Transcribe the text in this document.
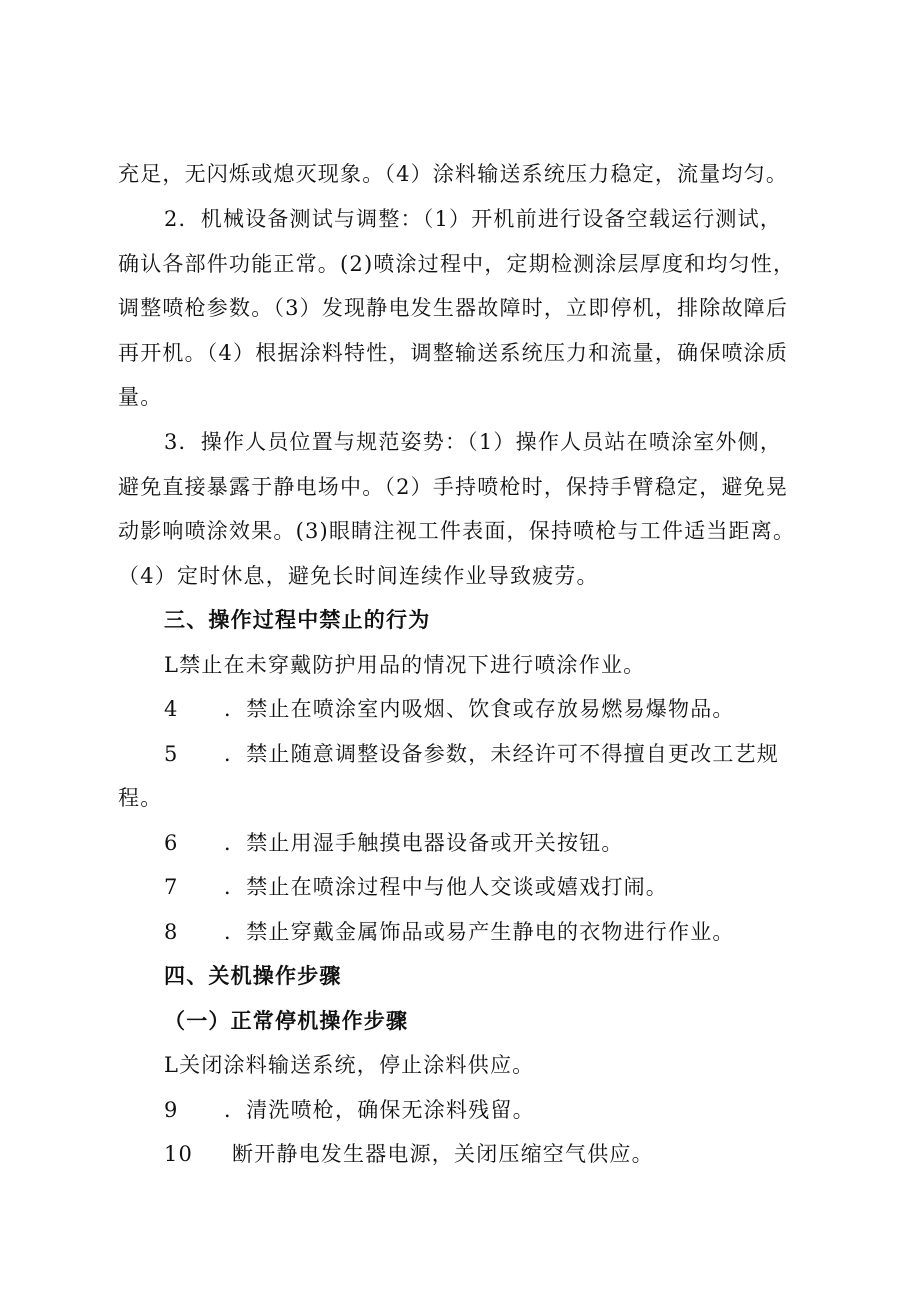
充足，无闪烁或熄灭现象。（4）涂料输送系统压力稳定，流量均匀。
2．机械设备测试与调整：（1）开机前进行设备空载运行测试，
确认各部件功能正常。(2)喷涂过程中，定期检测涂层厚度和均匀性，
调整喷枪参数。（3）发现静电发生器故障时，立即停机，排除故障后
再开机。（4）根据涂料特性，调整输送系统压力和流量，确保喷涂质
量。
3．操作人员位置与规范姿势：（1）操作人员站在喷涂室外侧，
避免直接暴露于静电场中。（2）手持喷枪时，保持手臂稳定，避免晃
动影响喷涂效果。(3)眼睛注视工件表面，保持喷枪与工件适当距离。
（4）定时休息，避免长时间连续作业导致疲劳。
三、操作过程中禁止的行为
L禁止在未穿戴防护用品的情况下进行喷涂作业。
4 ．禁止在喷涂室内吸烟、饮食或存放易燃易爆物品。
5 ．禁止随意调整设备参数，未经许可不得擅自更改工艺规
程。
6 ．禁止用湿手触摸电器设备或开关按钮。
7 ．禁止在喷涂过程中与他人交谈或嬉戏打闹。
8 ．禁止穿戴金属饰品或易产生静电的衣物进行作业。
四、关机操作步骤
（一）正常停机操作步骤
L关闭涂料输送系统，停止涂料供应。
9 ．清洗喷枪，确保无涂料残留。
10 断开静电发生器电源，关闭压缩空气供应。
